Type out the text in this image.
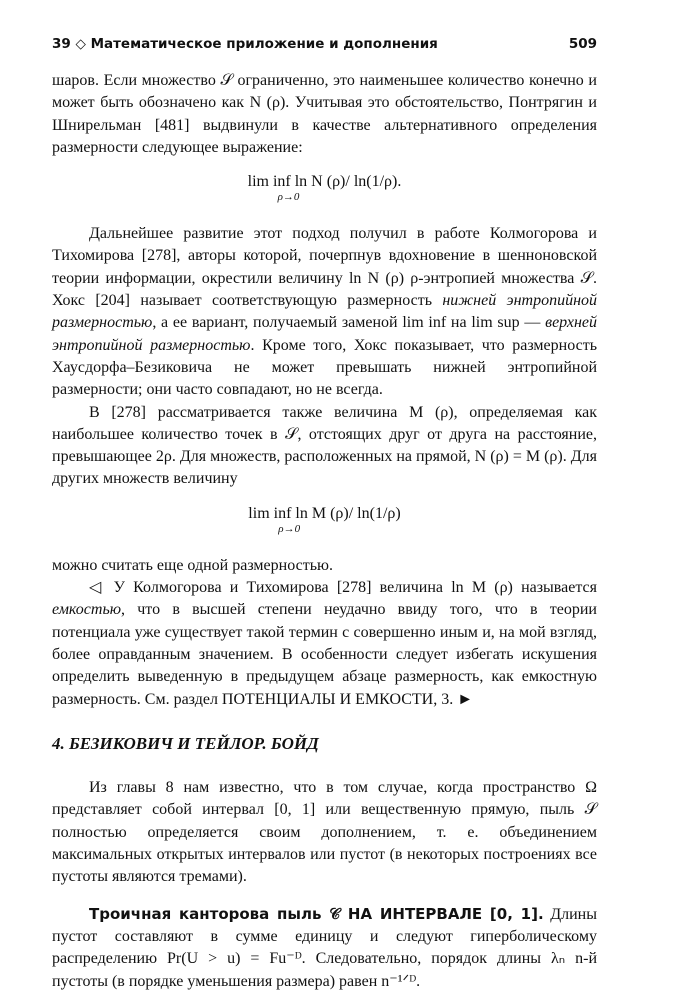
39 ◇ Математическое приложение и дополнения	509

шаров. Если множество 𝒮 ограниченно, это наименьшее количество конечно и может быть обозначено как N (ρ). Учитывая это обстоятельство, Понтрягин и Шнирельман [481] выдвинули в качестве альтернативного определения размерности следующее выражение:

lim inf ln N (ρ)/ ln(1/ρ).
ρ→0

Дальнейшее развитие этот подход получил в работе Колмогорова и Тихомирова [278], авторы которой, почерпнув вдохновение в шенноновской теории информации, окрестили величину ln N (ρ) ρ-энтропией множества 𝒮. Хокс [204] называет соответствующую размерность нижней энтропийной размерностью, а ее вариант, получаемый заменой lim inf на lim sup — верхней энтропийной размерностью. Кроме того, Хокс показывает, что размерность Хаусдорфа–Безиковича не может превышать нижней энтропийной размерности; они часто совпадают, но не всегда.

В [278] рассматривается также величина M (ρ), определяемая как наибольшее количество точек в 𝒮, отстоящих друг от друга на расстояние, превышающее 2ρ. Для множеств, расположенных на прямой, N (ρ) = M (ρ). Для других множеств величину

lim inf ln M (ρ)/ ln(1/ρ)
ρ→0

можно считать еще одной размерностью.

◁ У Колмогорова и Тихомирова [278] величина ln M (ρ) называется емкостью, что в высшей степени неудачно ввиду того, что в теории потенциала уже существует такой термин с совершенно иным и, на мой взгляд, более оправданным значением. В особенности следует избегать искушения определить выведенную в предыдущем абзаце размерность, как емкостную размерность. См. раздел ПОТЕНЦИАЛЫ И ЕМКОСТИ, 3. ►

4. БЕЗИКОВИЧ И ТЕЙЛОР. БОЙД

Из главы 8 нам известно, что в том случае, когда пространство Ω представляет собой интервал [0, 1] или вещественную прямую, пыль 𝒮 полностью определяется своим дополнением, т. е. объединением максимальных открытых интервалов или пустот (в некоторых построениях все пустоты являются тремами).

Троичная канторова пыль 𝒞 НА ИНТЕРВАЛЕ [0, 1]. Длины пустот составляют в сумме единицу и следуют гиперболическому распределению Pr(U > u) = Fu⁻ᴰ. Следовательно, порядок длины λₙ n-й пустоты (в порядке уменьшения размера) равен n⁻¹ᐟᴰ.
